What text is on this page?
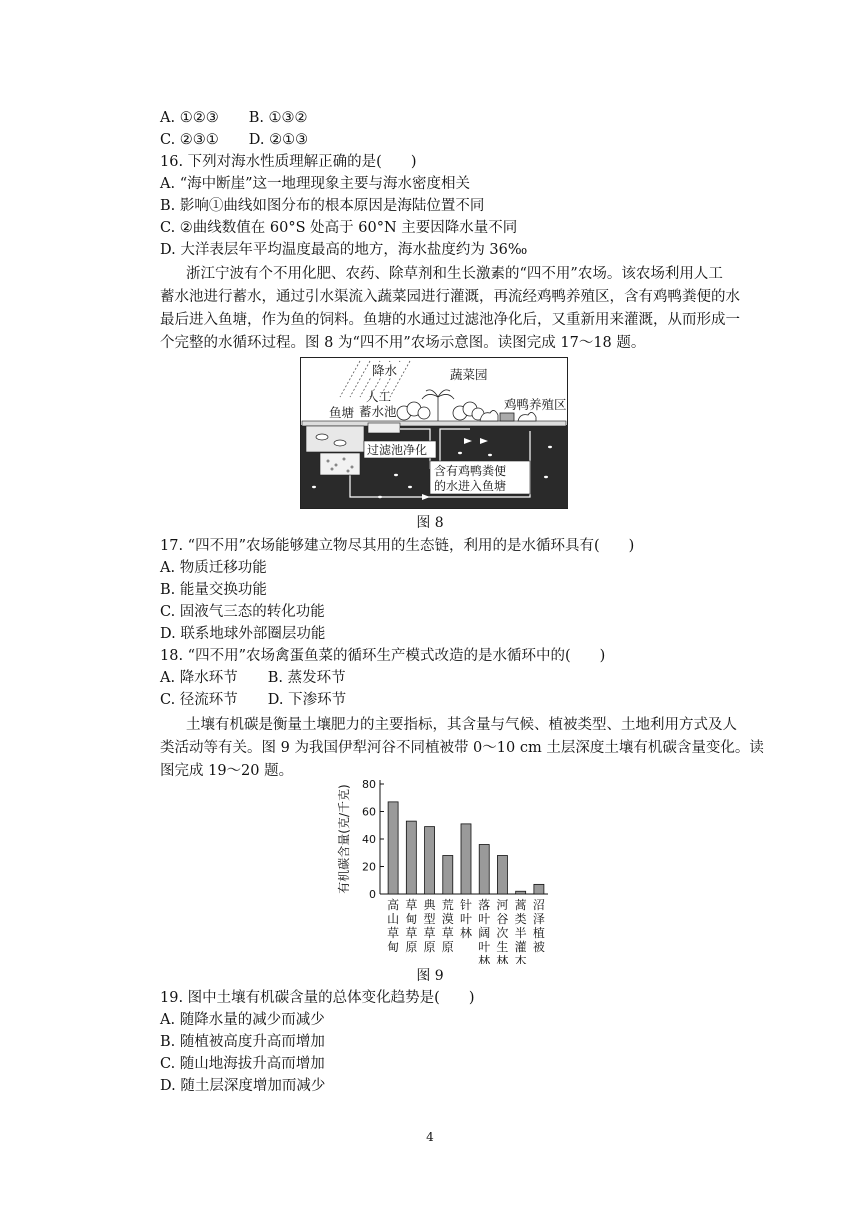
A. ①②③ B. ①③②
C. ②③① D. ②①③
16. 下列对海水性质理解正确的是(　　)
A. “海中断崖”这一地理现象主要与海水密度相关
B. 影响①曲线如图分布的根本原因是海陆位置不同
C. ②曲线数值在 60°S 处高于 60°N 主要因降水量不同
D. 大洋表层年平均温度最高的地方，海水盐度约为 36‰
浙江宁波有个不用化肥、农药、除草剂和生长激素的“四不用”农场。该农场利用人工
蓄水池进行蓄水，通过引水渠流入蔬菜园进行灌溉，再流经鸡鸭养殖区，含有鸡鸭粪便的水
最后进入鱼塘，作为鱼的饲料。鱼塘的水通过过滤池净化后，又重新用来灌溉，从而形成一
个完整的水循环过程。图 8 为“四不用”农场示意图。读图完成 17～18 题。
降水	蔬菜园
人工
蓄水池
鱼塘
鸡鸭养殖区
过滤池净化
含有鸡鸭粪便
的水进入鱼塘
图 8
17. “四不用”农场能够建立物尽其用的生态链，利用的是水循环具有(　　)
A. 物质迁移功能
B. 能量交换功能
C. 固液气三态的转化功能
D. 联系地球外部圈层功能
18. “四不用”农场禽蛋鱼菜的循环生产模式改造的是水循环中的(　　)
A. 降水环节 B. 蒸发环节
C. 径流环节 D. 下渗环节
土壤有机碳是衡量土壤肥力的主要指标，其含量与气候、植被类型、土地利用方式及人
类活动等有关。图 9 为我国伊犁河谷不同植被带 0～10 cm 土层深度土壤有机碳含量变化。读
图完成 19～20 题。
0
20
40
60
80
有机碳含量(克/千克)
高
山
草
甸
草
甸
草
原
典
型
草
原
荒
漠
草
原
针
叶
林
落
叶
阔
叶
林
河
谷
次
生
林
蒿
类
半
灌
木
沼
泽
植
被
图 9
19. 图中土壤有机碳含量的总体变化趋势是(　　)
A. 随降水量的减少而减少
B. 随植被高度升高而增加
C. 随山地海拔升高而增加
D. 随土层深度增加而减少
4
